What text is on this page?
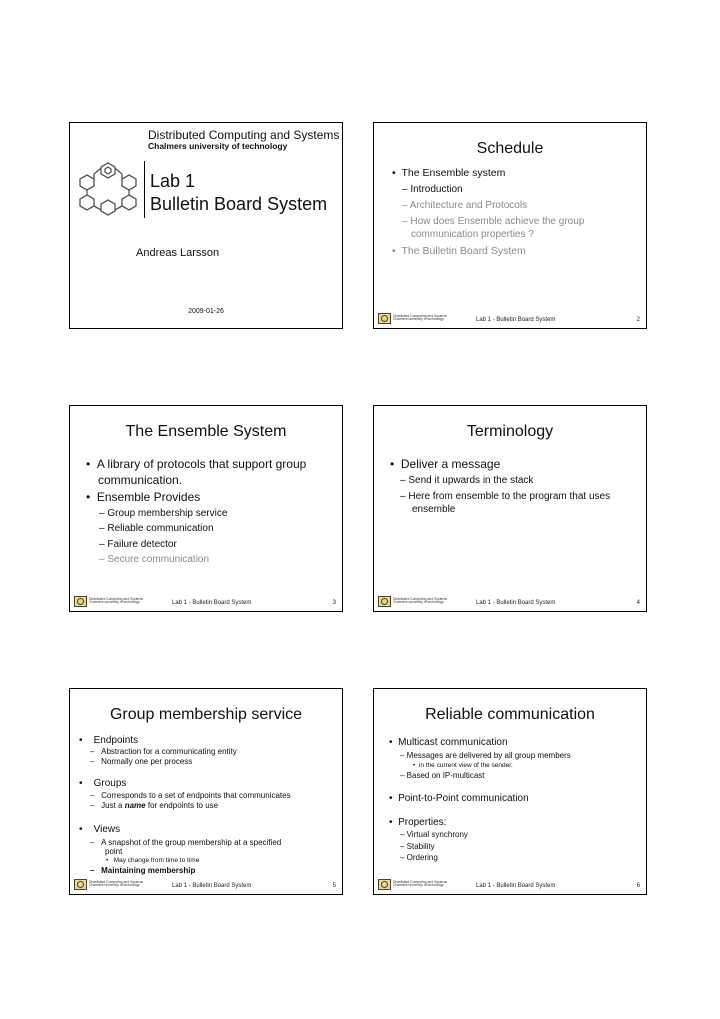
Distributed Computing and Systems
Chalmers university of technology
Lab 1
Bulletin Board System
Andreas Larsson
2009-01-26
Schedule
•  The Ensemble system
– Introduction
– Architecture and Protocols
– How does Ensemble achieve the group
communication properties ?
•  The Bulletin Board System
Distributed Computing and Systems
Chalmers university of technology	Lab 1 - Bulletin Board System	2
The Ensemble System
•  A library of protocols that support group
communication.
•  Ensemble Provides
– Group membership service
– Reliable communication
– Failure detector
– Secure communication
Distributed Computing and Systems
Chalmers university of technology	Lab 1 - Bulletin Board System	3
Terminology
•  Deliver a message
– Send it upwards in the stack
– Here from ensemble to the program that uses
ensemble
Distributed Computing and Systems
Chalmers university of technology	Lab 1 - Bulletin Board System	4
Group membership service
•    Endpoints
–   Abstraction for a communicating entity
–   Normally one per process
•    Groups
–   Corresponds to a set of endpoints that communicates
–   Just a name for endpoints to use
•    Views
–   A snapshot of the group membership at a specified
point
•   May change from time to time
–   Maintaining membership
Distributed Computing and Systems
Chalmers university of technology	Lab 1 - Bulletin Board System	5
Reliable communication
•  Multicast communication
– Messages are delivered by all group members
•  in the current view of the sender.
– Based on IP-multicast
•  Point-to-Point communication
•  Properties:
– Virtual synchrony
– Stability
– Ordering
Distributed Computing and Systems
Chalmers university of technology	Lab 1 - Bulletin Board System	6
